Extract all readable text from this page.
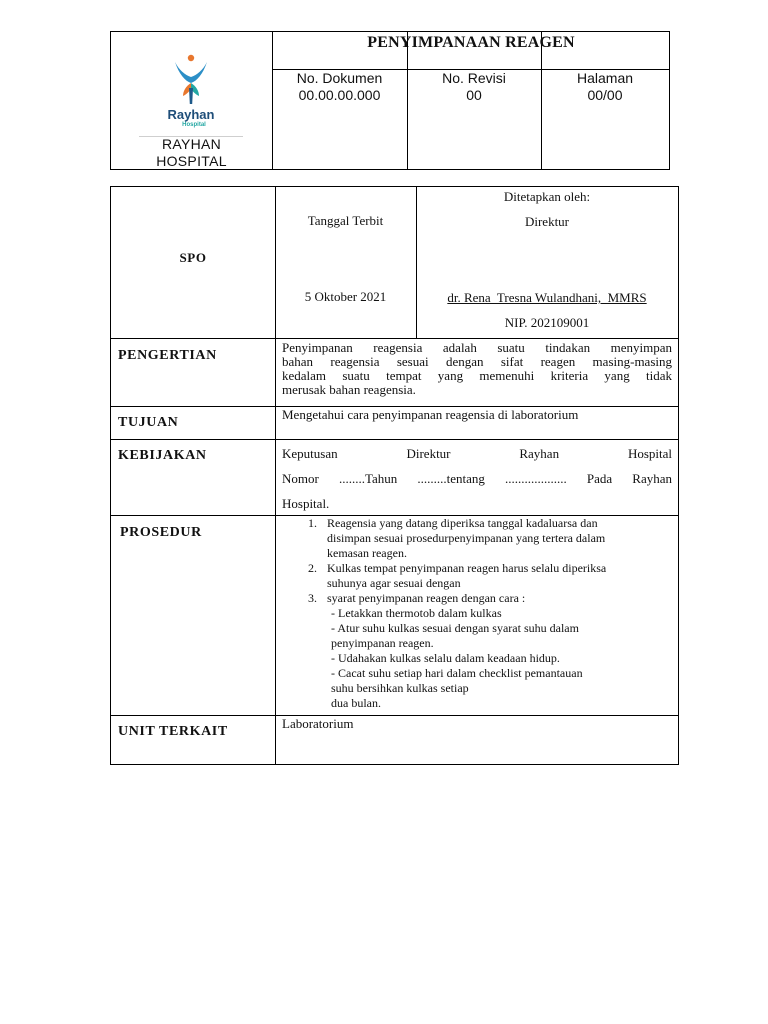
Rayhan
Hospital
RAYHAN
HOSPITAL
PENYIMPANAAN REAGEN
No. Dokumen
00.00.00.000
No. Revisi
00
Halaman
00/00
SPO
Tanggal Terbit
5 Oktober 2021
Ditetapkan oleh:
Direktur
dr. Rena  Tresna Wulandhani,  MMRS
NIP. 202109001
PENGERTIAN
Penyimpanan reagensia adalah suatu tindakan menyimpan
bahan reagensia sesuai dengan sifat reagen masing-masing
kedalam suatu tempat yang memenuhi kriteria yang tidak
merusak bahan reagensia.
TUJUAN
Mengetahui cara penyimpanan reagensia di laboratorium
KEBIJAKAN	Keputusan          Direktur          Rayhan          Hospital
Nomor ........Tahun .........tentang ................... Pada Rayhan
Hospital.
PROSEDUR
1. Reagensia yang datang diperiksa tanggal kadaluarsa dan
disimpan sesuai prosedurpenyimpanan yang tertera dalam
kemasan reagen.
2. Kulkas tempat penyimpanan reagen harus selalu diperiksa
suhunya agar sesuai dengan
3. syarat penyimpanan reagen dengan cara :
- Letakkan thermotob dalam kulkas
- Atur suhu kulkas sesuai dengan syarat suhu dalam
penyimpanan reagen.
- Udahakan kulkas selalu dalam keadaan hidup.
- Cacat suhu setiap hari dalam checklist pemantauan
suhu bersihkan kulkas setiap
dua bulan.
UNIT TERKAIT
Laboratorium
